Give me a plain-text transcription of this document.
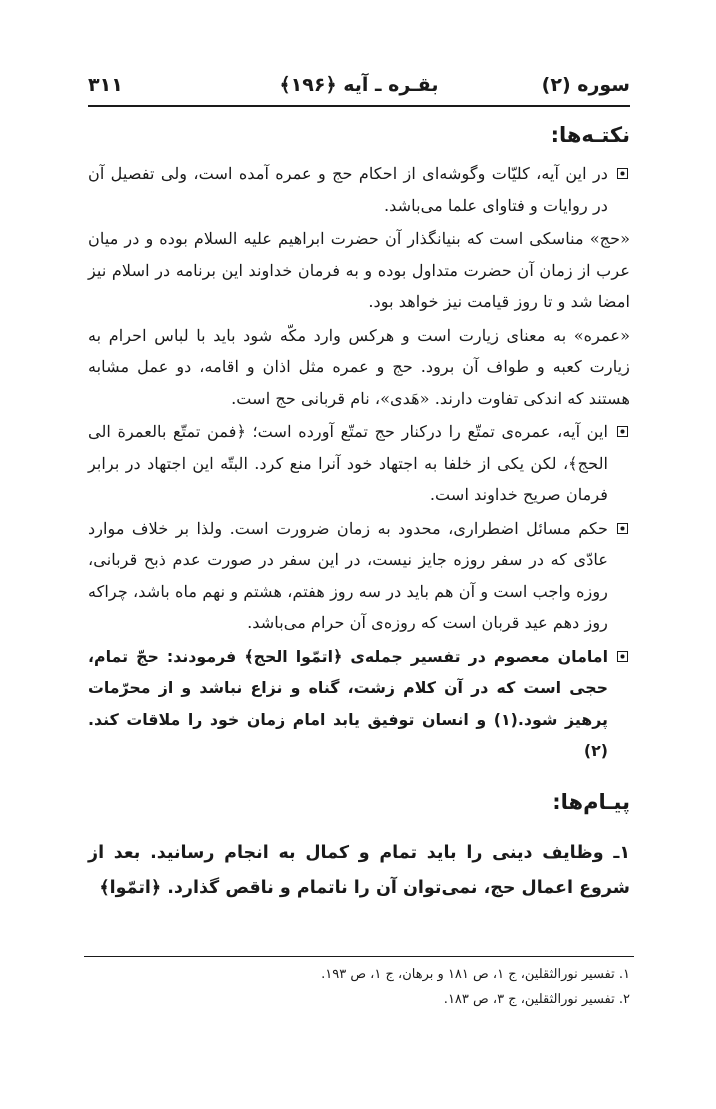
سوره (۲)
بقـره ـ آیه ﴿۱۹۶﴾
۳۱۱
نکتـه‌ها:

در این آیه، کلیّات وگوشه‌ای از احکام حج و عمره آمده است، ولی تفصیل آن در روایات و فتاوای علما می‌باشد.

«حج» مناسکی است که بنیانگذار آن حضرت ابراهیم علیه السلام بوده و در میان عرب از زمان آن حضرت متداول بوده و به فرمان خداوند این برنامه در اسلام نیز امضا شد و تا روز قیامت نیز خواهد بود.

«عمره» به معنای زیارت است و هرکس وارد مکّه شود باید با لباس احرام به زیارت کعبه و طواف آن برود. حج و عمره مثل اذان و اقامه، دو عمل مشابه هستند که اندکی تفاوت دارند. «هَدی»، نام قربانی حج است.

این آیه، عمره‌ی تمتّع را درکنار حج تمتّع آورده است؛ ﴿فمن تمتّع بالعمرة الی الحج﴾، لکن یکی از خلفا به اجتهاد خود آنرا منع کرد. البتّه این اجتهاد در برابر فرمان صریح خداوند است.

حکم مسائل اضطراری، محدود به زمان ضرورت است. ولذا بر خلاف موارد عادّی که در سفر روزه جایز نیست، در این سفر در صورت عدم ذبح قربانی، روزه واجب است و آن هم باید در سه روز هفتم، هشتم و نهم ماه باشد، چراکه روز دهم عید قربان است که روزه‌ی آن حرام می‌باشد.

امامان معصوم در تفسیر جمله‌ی ﴿اتمّوا الحج﴾ فرمودند: حجّ تمام، حجی است که در آن کلام زشت، گناه و نزاع نباشد و از محرّمات پرهیز شود.(۱) و انسان توفیق یابد امام زمان خود را ملاقات کند.(۲)

پیـام‌ها:

۱ـ وظایف دینی را باید تمام و کمال به انجام رسانید. بعد از شروع اعمال حج، نمی‌توان آن را ناتمام و ناقص گذارد. ﴿اتمّوا﴾

۱. تفسیر نورالثقلین، ج ۱، ص ۱۸۱ و برهان، ج ۱، ص ۱۹۳.
۲. تفسیر نورالثقلین، ج ۳، ص ۱۸۳.
